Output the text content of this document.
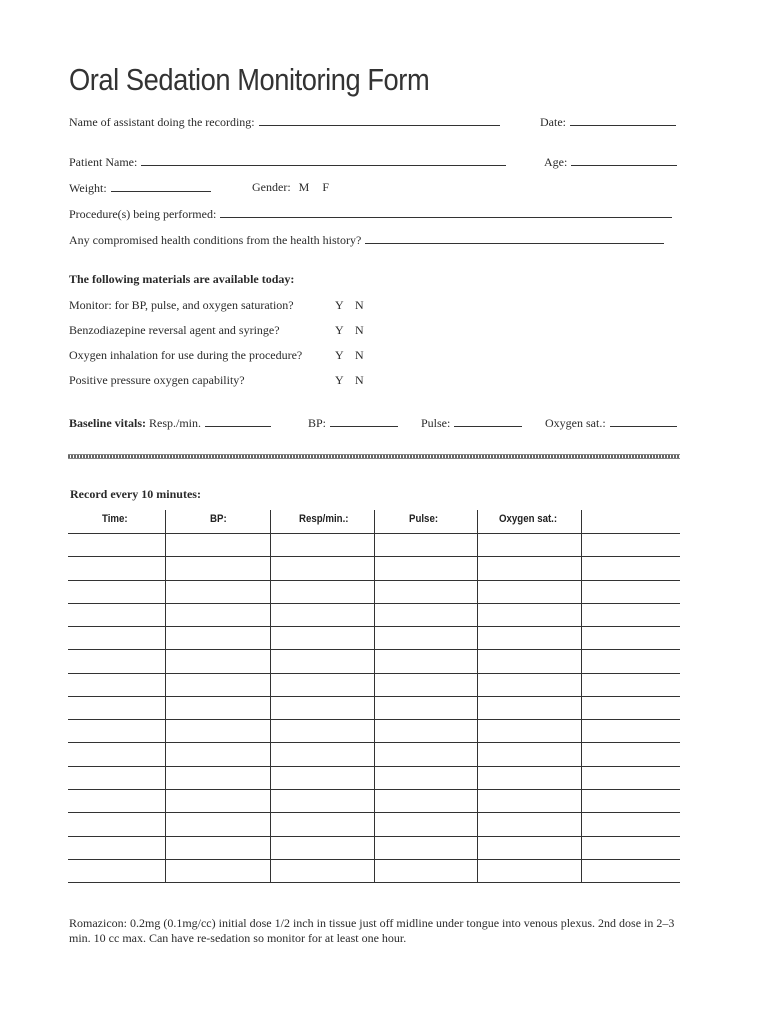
Oral Sedation Monitoring Form
Name of assistant doing the recording:	Date:
Patient Name:	Age:
Weight:	Gender: M F
Procedure(s) being performed:
Any compromised health conditions from the health history?
The following materials are available today:
Monitor: for BP, pulse, and oxygen saturation?	Y N
Benzodiazepine reversal agent and syringe?	Y N
Oxygen inhalation for use during the procedure?	Y N
Positive pressure oxygen capability?	Y N
Baseline vitals: Resp./min.	BP:	Pulse:	Oxygen sat.:
Record every 10 minutes:
Time:	BP:	Resp/min.:	Pulse:	Oxygen sat.:
Romazicon: 0.2mg (0.1mg/cc) initial dose 1/2 inch in tissue just off midline under tongue into venous plexus. 2nd dose in 2–3 min. 10 cc max. Can have re-sedation so monitor for at least one hour.
